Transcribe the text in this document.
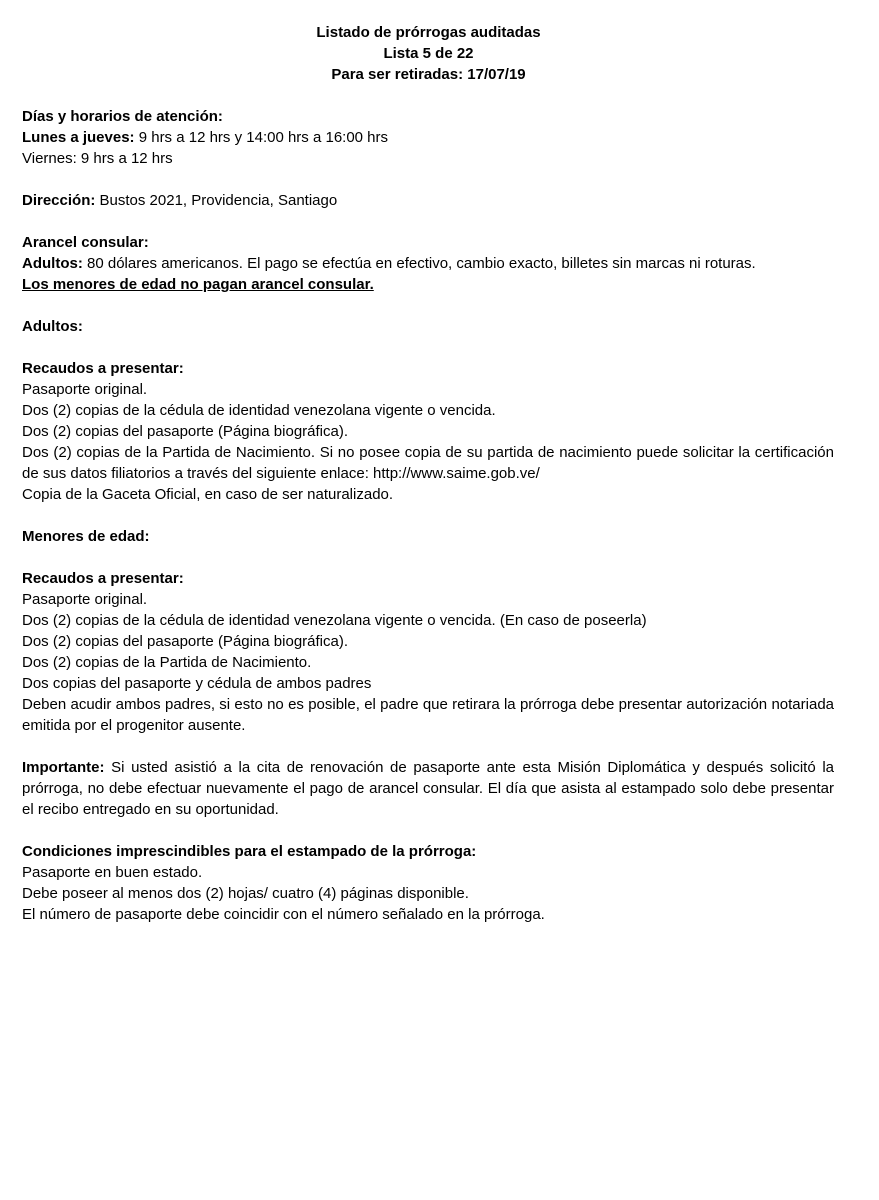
Listado de prórrogas auditadas
Lista 5 de 22
Para ser retiradas: 17/07/19
Días y horarios de atención:
Lunes a jueves: 9 hrs a 12 hrs y 14:00 hrs a 16:00 hrs
Viernes: 9 hrs a 12 hrs
Dirección: Bustos 2021, Providencia, Santiago
Arancel consular:
Adultos: 80 dólares americanos. El pago se efectúa en efectivo, cambio exacto, billetes sin marcas ni roturas.
Los menores de edad no pagan arancel consular.
Adultos:
Recaudos a presentar:
Pasaporte original.
Dos (2) copias de la cédula de identidad venezolana vigente o vencida.
Dos (2) copias del pasaporte (Página biográfica).
Dos (2) copias de la Partida de Nacimiento. Si no posee copia de su partida de nacimiento puede solicitar la certificación de sus datos filiatorios a través del siguiente enlace: http://www.saime.gob.ve/
Copia de la Gaceta Oficial, en caso de ser naturalizado.
Menores de edad:
Recaudos a presentar:
Pasaporte original.
Dos (2) copias de la cédula de identidad venezolana vigente o vencida. (En caso de poseerla)
Dos (2) copias del pasaporte (Página biográfica).
Dos (2) copias de la Partida de Nacimiento.
Dos copias del pasaporte y cédula de ambos padres
Deben acudir ambos padres, si esto no es posible, el padre que retirara la prórroga debe presentar autorización notariada emitida por el progenitor ausente.
Importante: Si usted asistió a la cita de renovación de pasaporte ante esta Misión Diplomática y después solicitó la prórroga, no debe efectuar nuevamente el pago de arancel consular. El día que asista al estampado solo debe presentar el recibo entregado en su oportunidad.
Condiciones imprescindibles para el estampado de la prórroga:
Pasaporte en buen estado.
Debe poseer al menos dos (2) hojas/ cuatro (4) páginas disponible.
El número de pasaporte debe coincidir con el número señalado en la prórroga.
